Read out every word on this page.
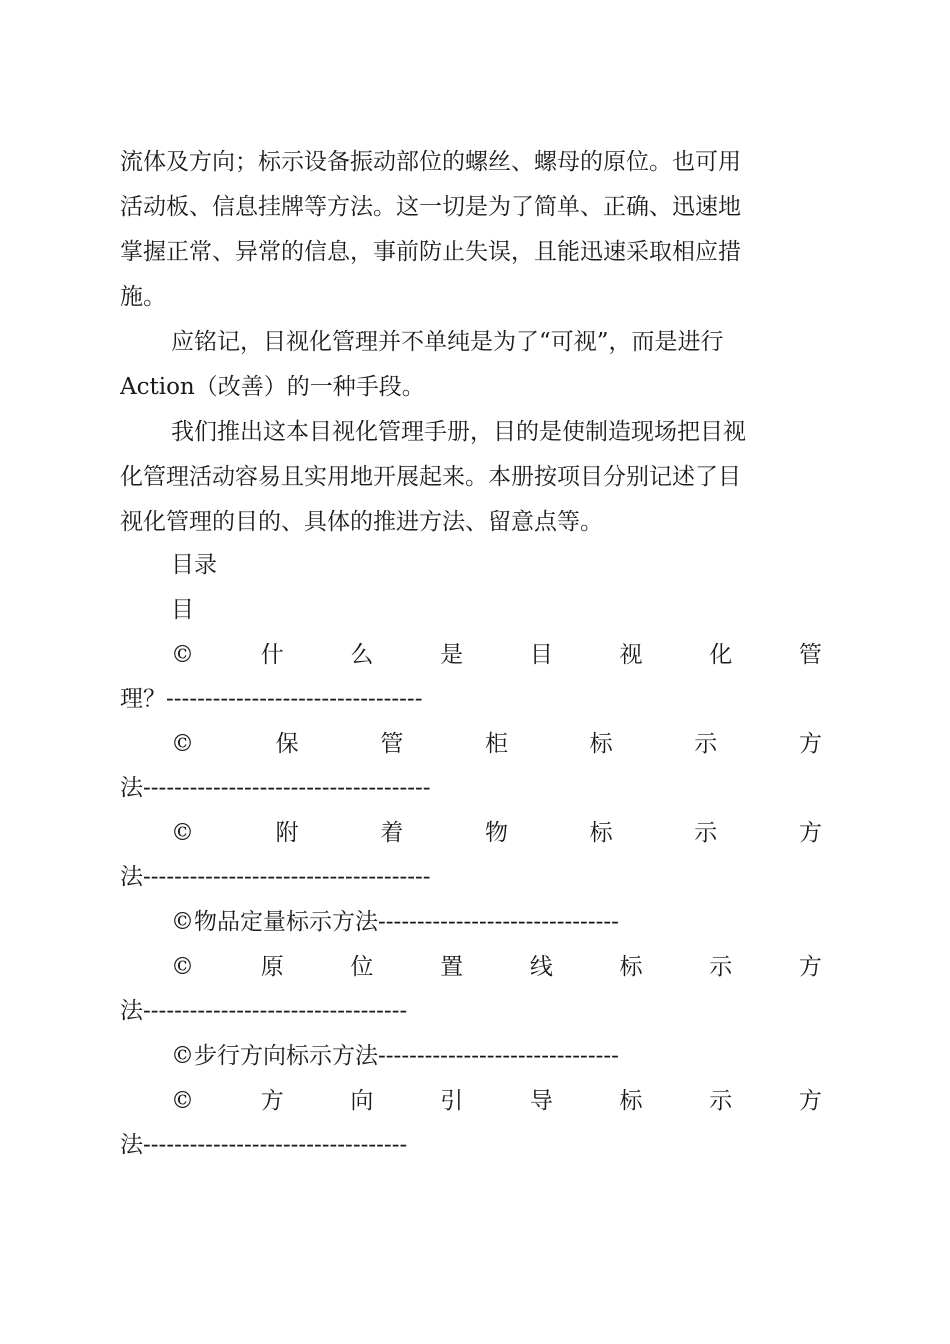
流体及方向；标示设备振动部位的螺丝、螺母的原位。也可用
活动板、信息挂牌等方法。这一切是为了简单、正确、迅速地
掌握正常、异常的信息，事前防止失误，且能迅速采取相应措
施。
应铭记，目视化管理并不单纯是为了“可视”，而是进行
Action（改善）的一种手段。
我们推出这本目视化管理手册，目的是使制造现场把目视
化管理活动容易且实用地开展起来。本册按项目分别记述了目
视化管理的目的、具体的推进方法、留意点等。
目录
目
©	什	么	是	目	视	化	管
理？---------------------------------
©	保	管	柜	标	示	方
法-------------------------------------
©	附	着	物	标	示	方
法-------------------------------------
©物品定量标示方法-------------------------------
©	原	位	置	线	标	示	方
法----------------------------------
©步行方向标示方法-------------------------------
©	方	向	引	导	标	示	方
法----------------------------------
